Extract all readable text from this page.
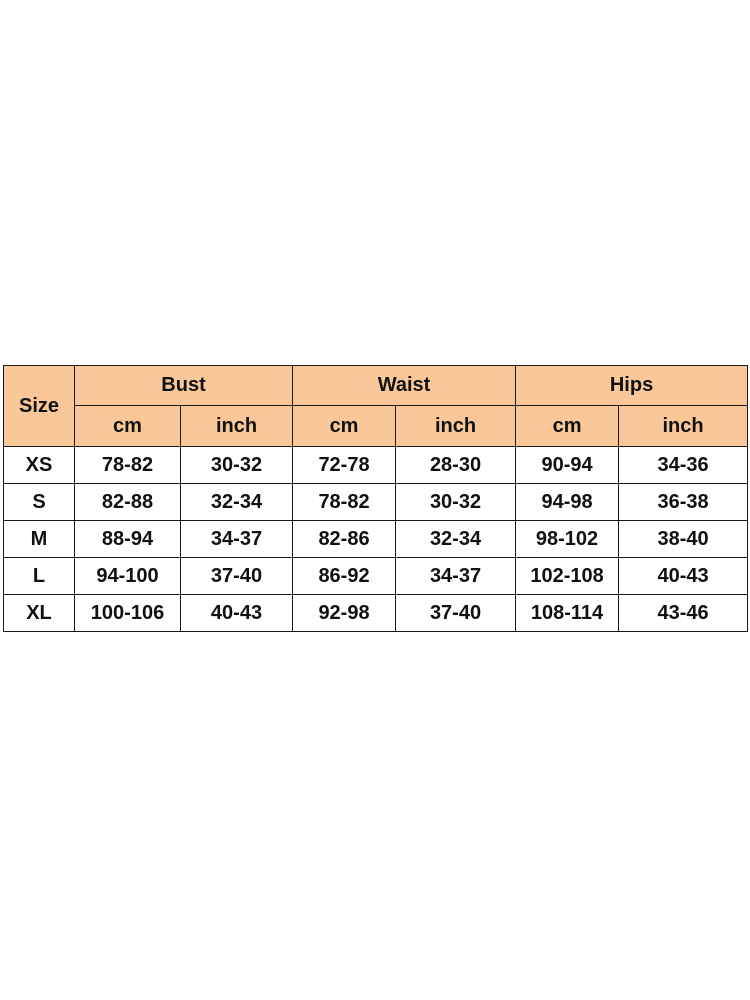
Size	Bust		Waist		Hips	
	cm	inch	cm	inch	cm	inch
XS	78-82	30-32	72-78	28-30	90-94	34-36
S	82-88	32-34	78-82	30-32	94-98	36-38
M	88-94	34-37	82-86	32-34	98-102	38-40
L	94-100	37-40	86-92	34-37	102-108	40-43
XL	100-106	40-43	92-98	37-40	108-114	43-46
